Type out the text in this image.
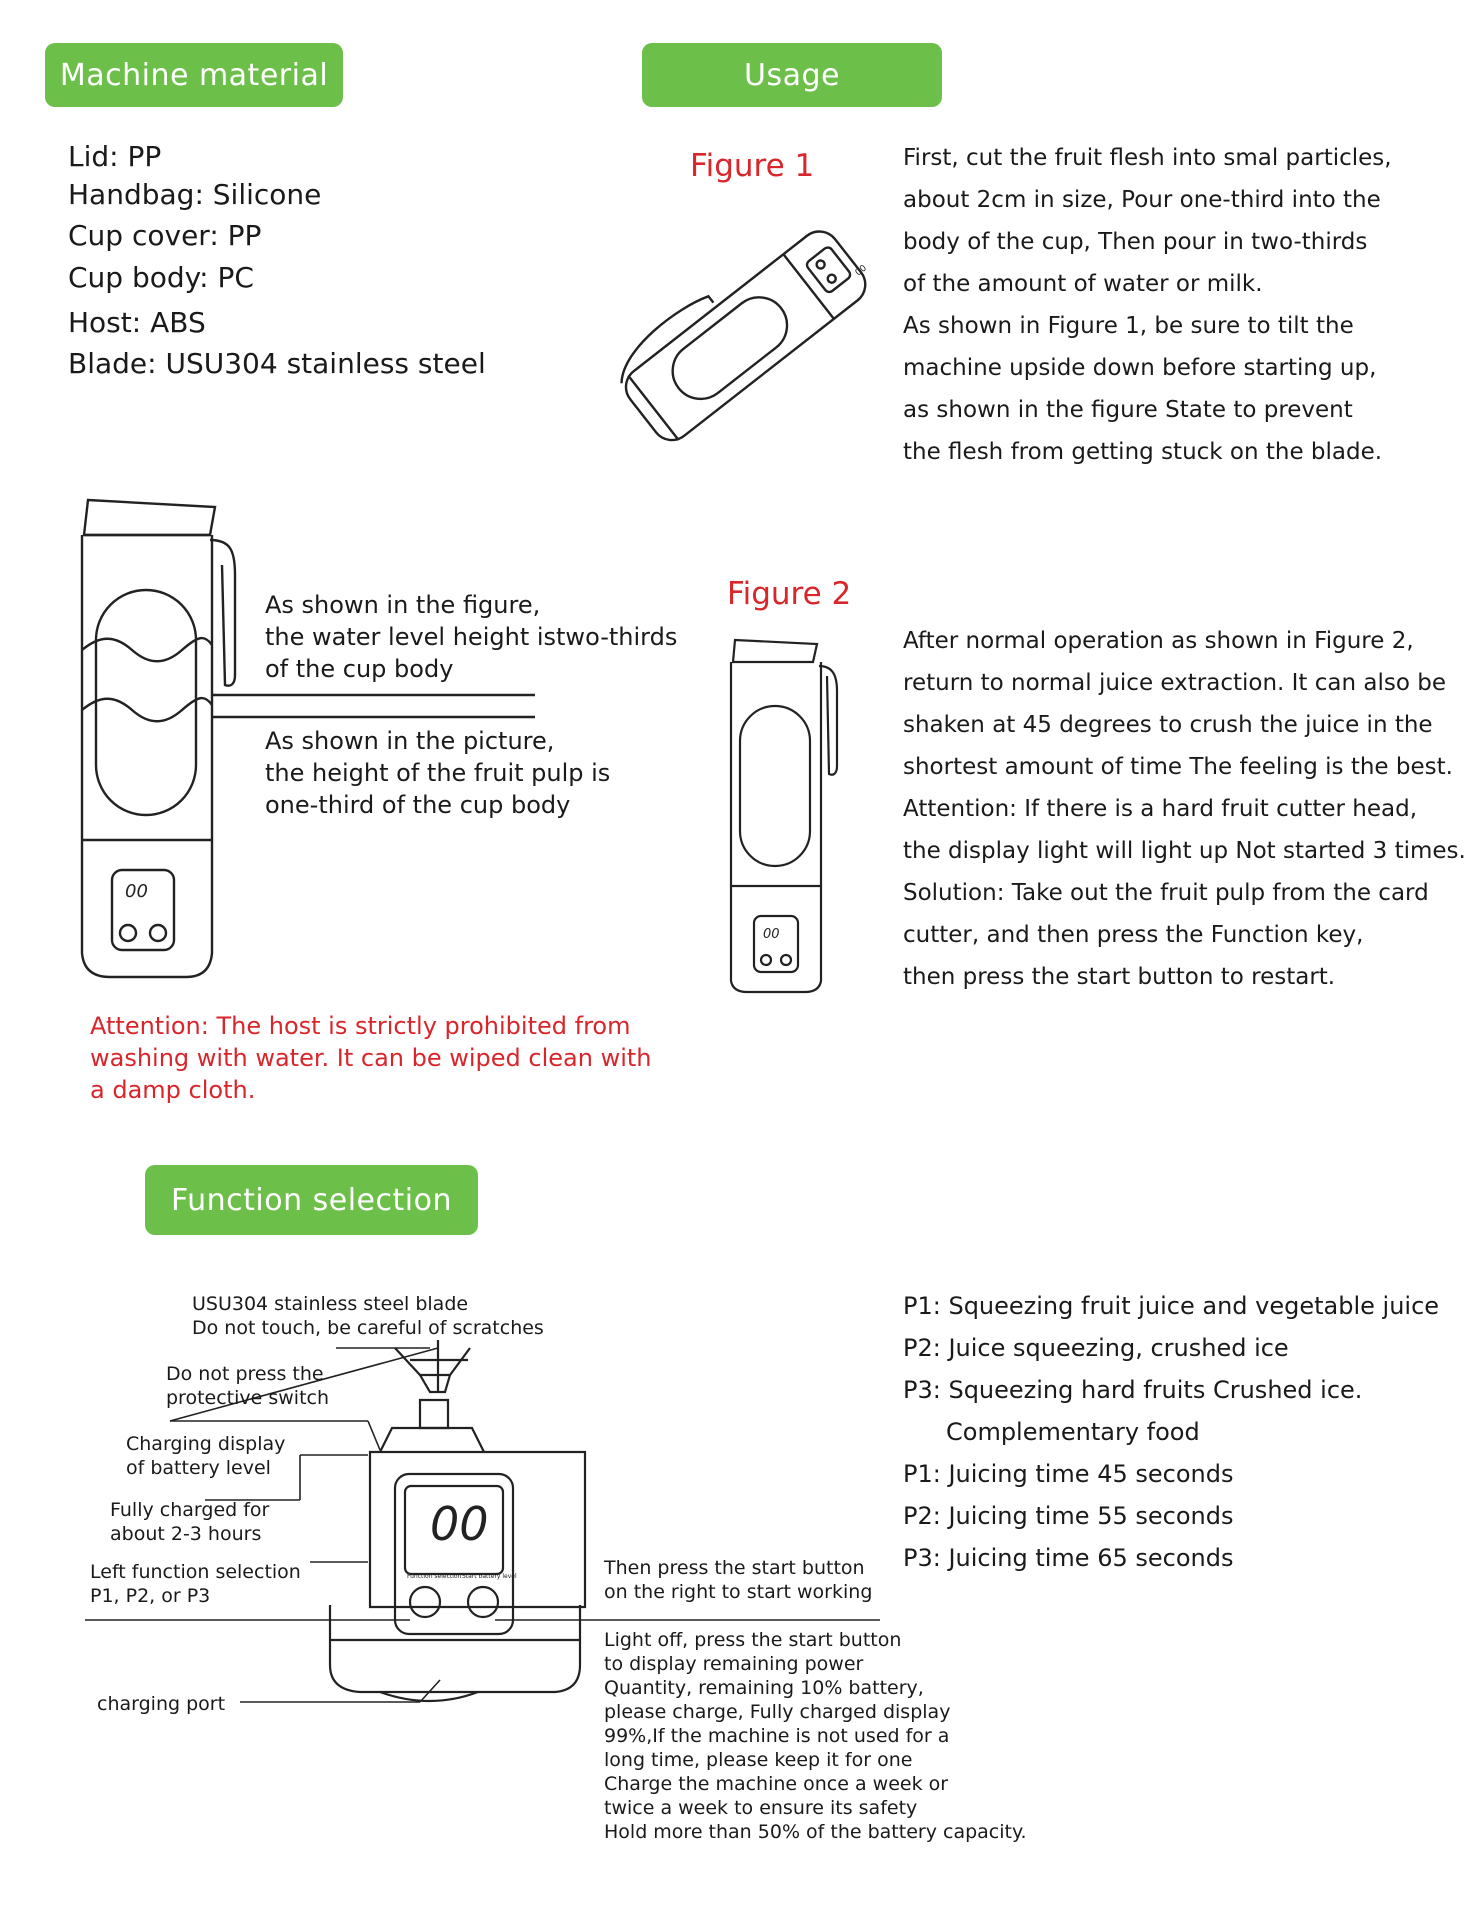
Machine material	Usage
Function selection
Lid: PP
Handbag: Silicone
Cup cover: PP
Cup body: PC
Host: ABS
Blade: USU304 stainless steel
Figure 1
00
First, cut the fruit flesh into smal particles,
about 2cm in size, Pour one-third into the
body of the cup, Then pour in two-thirds
of the amount of water or milk.
As shown in Figure 1, be sure to tilt the
machine upside down before starting up,
as shown in the figure State to prevent
the flesh from getting stuck on the blade.
00
As shown in the figure,
the water level height istwo-thirds
of the cup body
As shown in the picture,
the height of the fruit pulp is
one-third of the cup body
Attention: The host is strictly prohibited from
washing with water. It can be wiped clean with
a damp cloth.
Figure 2
00
After normal operation as shown in Figure 2,
return to normal juice extraction. It can also be
shaken at 45 degrees to crush the juice in the
shortest amount of time The feeling is the best.
Attention: If there is a hard fruit cutter head,
the display light will light up Not started 3 times.
Solution: Take out the fruit pulp from the card
cutter, and then press the Function key,
then press the start button to restart.
00
Function selection Start battery level
USU304 stainless steel blade
Do not touch, be careful of scratches
Do not press the
protective switch
Charging display
of battery level
Fully charged for
about 2-3 hours
Left function selection
P1, P2, or P3
charging port
Then press the start button
on the right to start working
Light off, press the start button
to display remaining power
Quantity, remaining 10% battery,
please charge, Fully charged display
99%,If the machine is not used for a
long time, please keep it for one
Charge the machine once a week or
twice a week to ensure its safety
Hold more than 50% of the battery capacity.
P1: Squeezing fruit juice and vegetable juice
P2: Juice squeezing, crushed ice
P3: Squeezing hard fruits Crushed ice.
Complementary food
P1: Juicing time 45 seconds
P2: Juicing time 55 seconds
P3: Juicing time 65 seconds
